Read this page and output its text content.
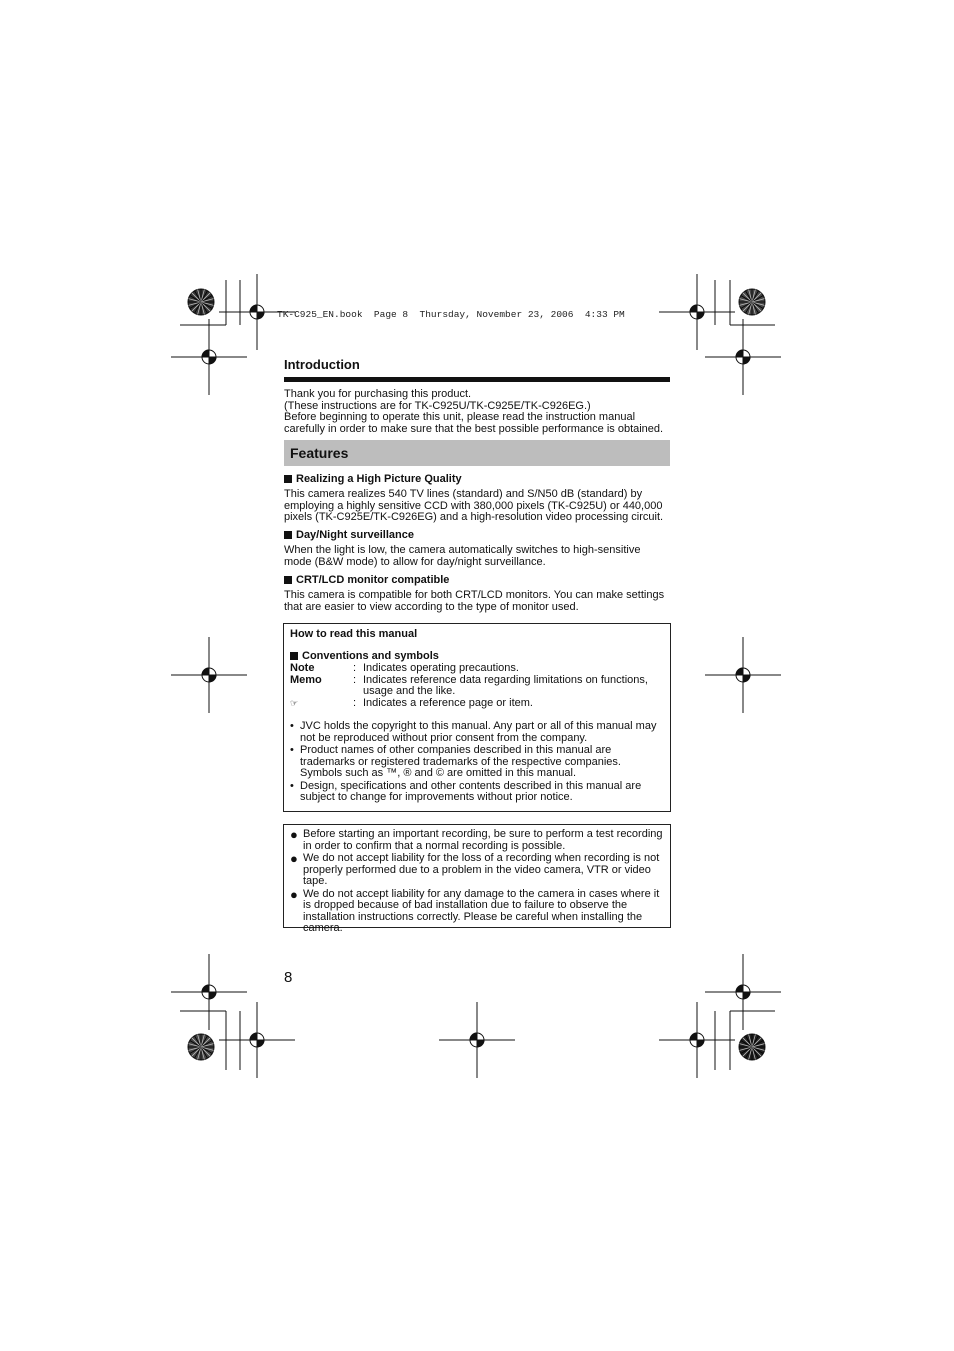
TK-C925_EN.book  Page 8  Thursday, November 23, 2006  4:33 PM
Introduction
Thank you for purchasing this product.
(These instructions are for TK-C925U/TK-C925E/TK-C926EG.)
Before beginning to operate this unit, please read the instruction manual
carefully in order to make sure that the best possible performance is obtained.
Features
Realizing a High Picture Quality
This camera realizes 540 TV lines (standard) and S/N50 dB (standard) by
employing a highly sensitive CCD with 380,000 pixels (TK-C925U) or 440,000
pixels (TK-C925E/TK-C926EG) and a high-resolution video processing circuit.
Day/Night surveillance
When the light is low, the camera automatically switches to high-sensitive
mode (B&W mode) to allow for day/night surveillance.
CRT/LCD monitor compatible
This camera is compatible for both CRT/LCD monitors. You can make settings
that are easier to view according to the type of monitor used.
How to read this manual
Conventions and symbols
Note	: Indicates operating precautions.
Memo	: Indicates reference data regarding limitations on functions, usage and the like.
☞	: Indicates a reference page or item.
• JVC holds the copyright to this manual. Any part or all of this manual may not be reproduced without prior consent from the company.
• Product names of other companies described in this manual are trademarks or registered trademarks of the respective companies. Symbols such as ™, ® and © are omitted in this manual.
• Design, specifications and other contents described in this manual are subject to change for improvements without prior notice.
● Before starting an important recording, be sure to perform a test recording in order to confirm that a normal recording is possible.
● We do not accept liability for the loss of a recording when recording is not properly performed due to a problem in the video camera, VTR or video tape.
● We do not accept liability for any damage to the camera in cases where it is dropped because of bad installation due to failure to observe the installation instructions correctly. Please be careful when installing the camera.
8
